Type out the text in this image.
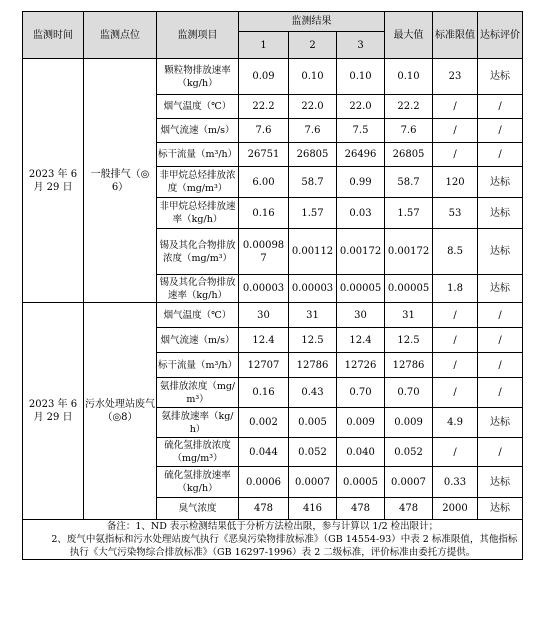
监测时间	监测点位	监测项目	监测结果			最大值	标准限值	达标评价
			1	2	3			
2023 年 6 月 29 日	一般排气（◎6）	颗粒物排放速率（kg/h）	0.09	0.10	0.10	0.10	23	达标
		烟气温度（℃）	22.2	22.0	22.0	22.2	/	/
		烟气流速（m/s）	7.6	7.6	7.5	7.6	/	/
		标干流量（m³/h）	26751	26805	26496	26805	/	/
		非甲烷总烃排放浓度（mg/m³）	6.00	58.7	0.99	58.7	120	达标
		非甲烷总烃排放速率（kg/h）	0.16	1.57	0.03	1.57	53	达标
		锡及其化合物排放浓度（mg/m³）	0.000987	0.00112	0.00172	0.00172	8.5	达标
		锡及其化合物排放速率（kg/h）	0.00003	0.00003	0.00005	0.00005	1.8	达标
2023 年 6 月 29 日	污水处理站废气（◎8）	烟气温度（℃）	30	31	30	31	/	/
		烟气流速（m/s）	12.4	12.5	12.4	12.5	/	/
		标干流量（m³/h）	12707	12786	12726	12786	/	/
		氨排放浓度（mg/m³）	0.16	0.43	0.70	0.70	/	/
		氨排放速率（kg/h）	0.002	0.005	0.009	0.009	4.9	达标
		硫化氢排放浓度（mg/m³）	0.044	0.052	0.040	0.052	/	/
		硫化氢排放速率（kg/h）	0.0006	0.0007	0.0005	0.0007	0.33	达标
		臭气浓度	478	416	478	478	2000	达标

备注：1、ND 表示检测结果低于分析方法检出限，参与计算以 1/2 检出限计；
2、废气中氨指标和污水处理站废气执行《恶臭污染物排放标准》（GB 14554-93）中表 2 标准限值，其他指标执行《大气污染物综合排放标准》（GB 16297-1996）表 2 二级标准，评价标准由委托方提供。								
